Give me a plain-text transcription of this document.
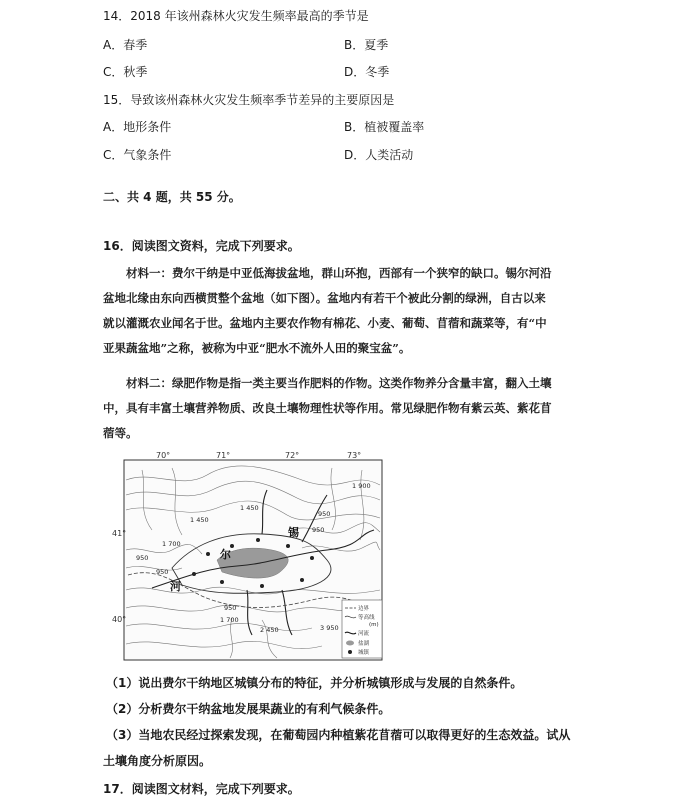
14．2018 年该州森林火灾发生频率最高的季节是
A．春季	B．夏季
C．秋季	D．冬季
15．导致该州森林火灾发生频率季节差异的主要原因是
A．地形条件	B．植被覆盖率
C．气象条件	D．人类活动
二、共 4 题，共 55 分。
16．阅读图文资料，完成下列要求。

材料一：费尔干纳是中亚低海拔盆地，群山环抱，西部有一个狭窄的缺口。锡尔河沿

盆地北缘由东向西横贯整个盆地（如下图）。盆地内有若干个被此分割的绿洲，自古以来

就以灌溉农业闻名于世。盆地内主要农作物有棉花、小麦、葡萄、苜蓿和蔬菜等，有“中

亚果蔬盆地”之称，被称为中亚“肥水不流外人田的聚宝盆”。

材料二：绿肥作物是指一类主要当作肥料的作物。这类作物养分含量丰富，翻入土壤

中，具有丰富土壤营养物质、改良土壤物理性状等作用。常见绿肥作物有紫云英、紫花苜

蓿等。

70°	71°	72°	73°
41°
40°
1 450
1 700
950
950
950
1 700
2 450	3 950
1 900
950
1 450
950	尔
锡
河
边界
等高线
(m)
河流
盐湖
城镇
（1）说出费尔干纳地区城镇分布的特征，并分析城镇形成与发展的自然条件。
（2）分析费尔干纳盆地发展果蔬业的有利气候条件。
（3）当地农民经过探索发现，在葡萄园内种植紫花苜蓿可以取得更好的生态效益。试从
土壤角度分析原因。
17．阅读图文材料，完成下列要求。
